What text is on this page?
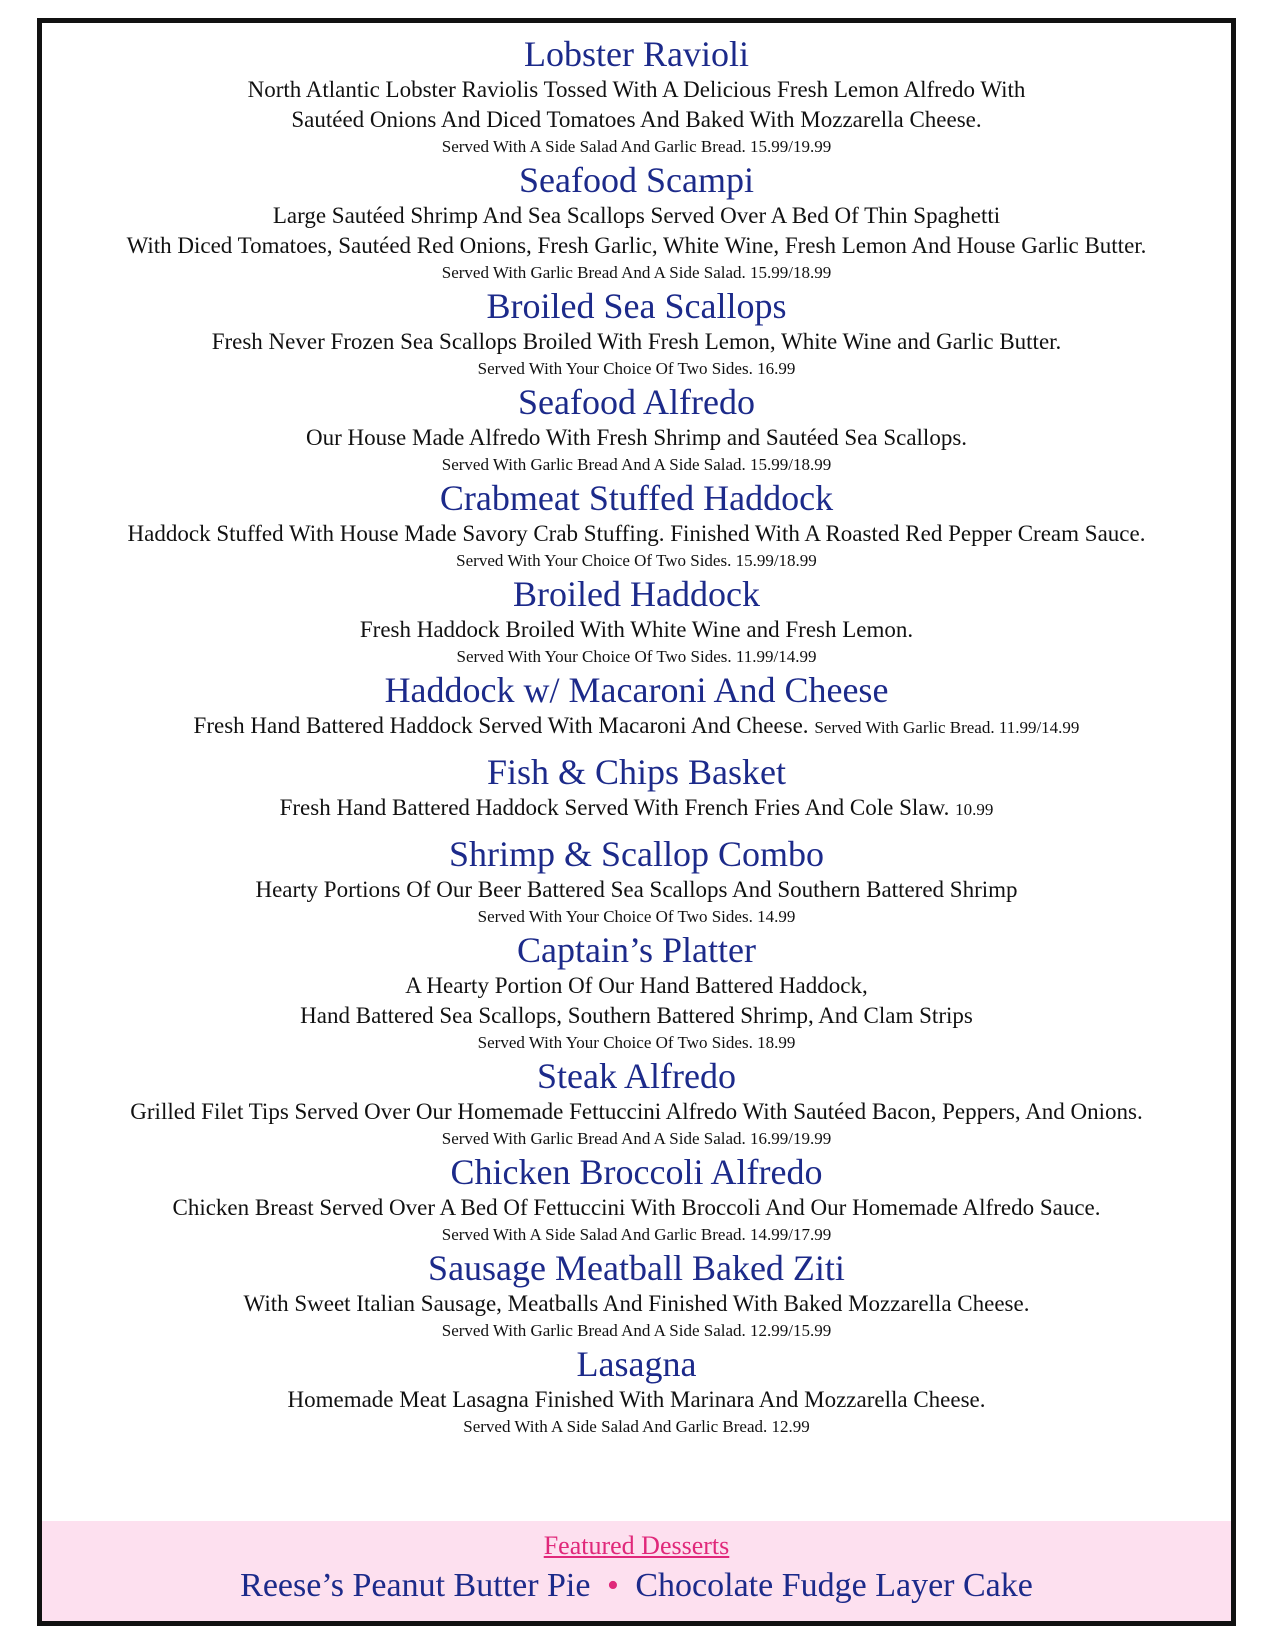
Lobster Ravioli
North Atlantic Lobster Raviolis Tossed With A Delicious Fresh Lemon Alfredo With
Sautéed Onions And Diced Tomatoes And Baked With Mozzarella Cheese.
Served With A Side Salad And Garlic Bread. 15.99/19.99
Seafood Scampi
Large Sautéed Shrimp And Sea Scallops Served Over A Bed Of Thin Spaghetti
With Diced Tomatoes, Sautéed Red Onions, Fresh Garlic, White Wine, Fresh Lemon And House Garlic Butter.
Served With Garlic Bread And A Side Salad. 15.99/18.99
Broiled Sea Scallops
Fresh Never Frozen Sea Scallops Broiled With Fresh Lemon, White Wine and Garlic Butter.
Served With Your Choice Of Two Sides. 16.99
Seafood Alfredo
Our House Made Alfredo With Fresh Shrimp and Sautéed Sea Scallops.
Served With Garlic Bread And A Side Salad. 15.99/18.99
Crabmeat Stuffed Haddock
Haddock Stuffed With House Made Savory Crab Stuffing. Finished With A Roasted Red Pepper Cream Sauce.
Served With Your Choice Of Two Sides. 15.99/18.99
Broiled Haddock
Fresh Haddock Broiled With White Wine and Fresh Lemon.
Served With Your Choice Of Two Sides. 11.99/14.99
Haddock w/ Macaroni And Cheese
Fresh Hand Battered Haddock Served With Macaroni And Cheese. Served With Garlic Bread. 11.99/14.99
Fish & Chips Basket
Fresh Hand Battered Haddock Served With French Fries And Cole Slaw. 10.99
Shrimp & Scallop Combo
Hearty Portions Of Our Beer Battered Sea Scallops And Southern Battered Shrimp
Served With Your Choice Of Two Sides. 14.99
Captain’s Platter
A Hearty Portion Of Our Hand Battered Haddock,
Hand Battered Sea Scallops, Southern Battered Shrimp, And Clam Strips
Served With Your Choice Of Two Sides. 18.99
Steak Alfredo
Grilled Filet Tips Served Over Our Homemade Fettuccini Alfredo With Sautéed Bacon, Peppers, And Onions.
Served With Garlic Bread And A Side Salad. 16.99/19.99
Chicken Broccoli Alfredo
Chicken Breast Served Over A Bed Of Fettuccini With Broccoli And Our Homemade Alfredo Sauce.
Served With A Side Salad And Garlic Bread. 14.99/17.99
Sausage Meatball Baked Ziti
With Sweet Italian Sausage, Meatballs And Finished With Baked Mozzarella Cheese.
Served With Garlic Bread And A Side Salad. 12.99/15.99
Lasagna
Homemade Meat Lasagna Finished With Marinara And Mozzarella Cheese.
Served With A Side Salad And Garlic Bread. 12.99
Featured Desserts
Reese’s Peanut Butter Pie • Chocolate Fudge Layer Cake
